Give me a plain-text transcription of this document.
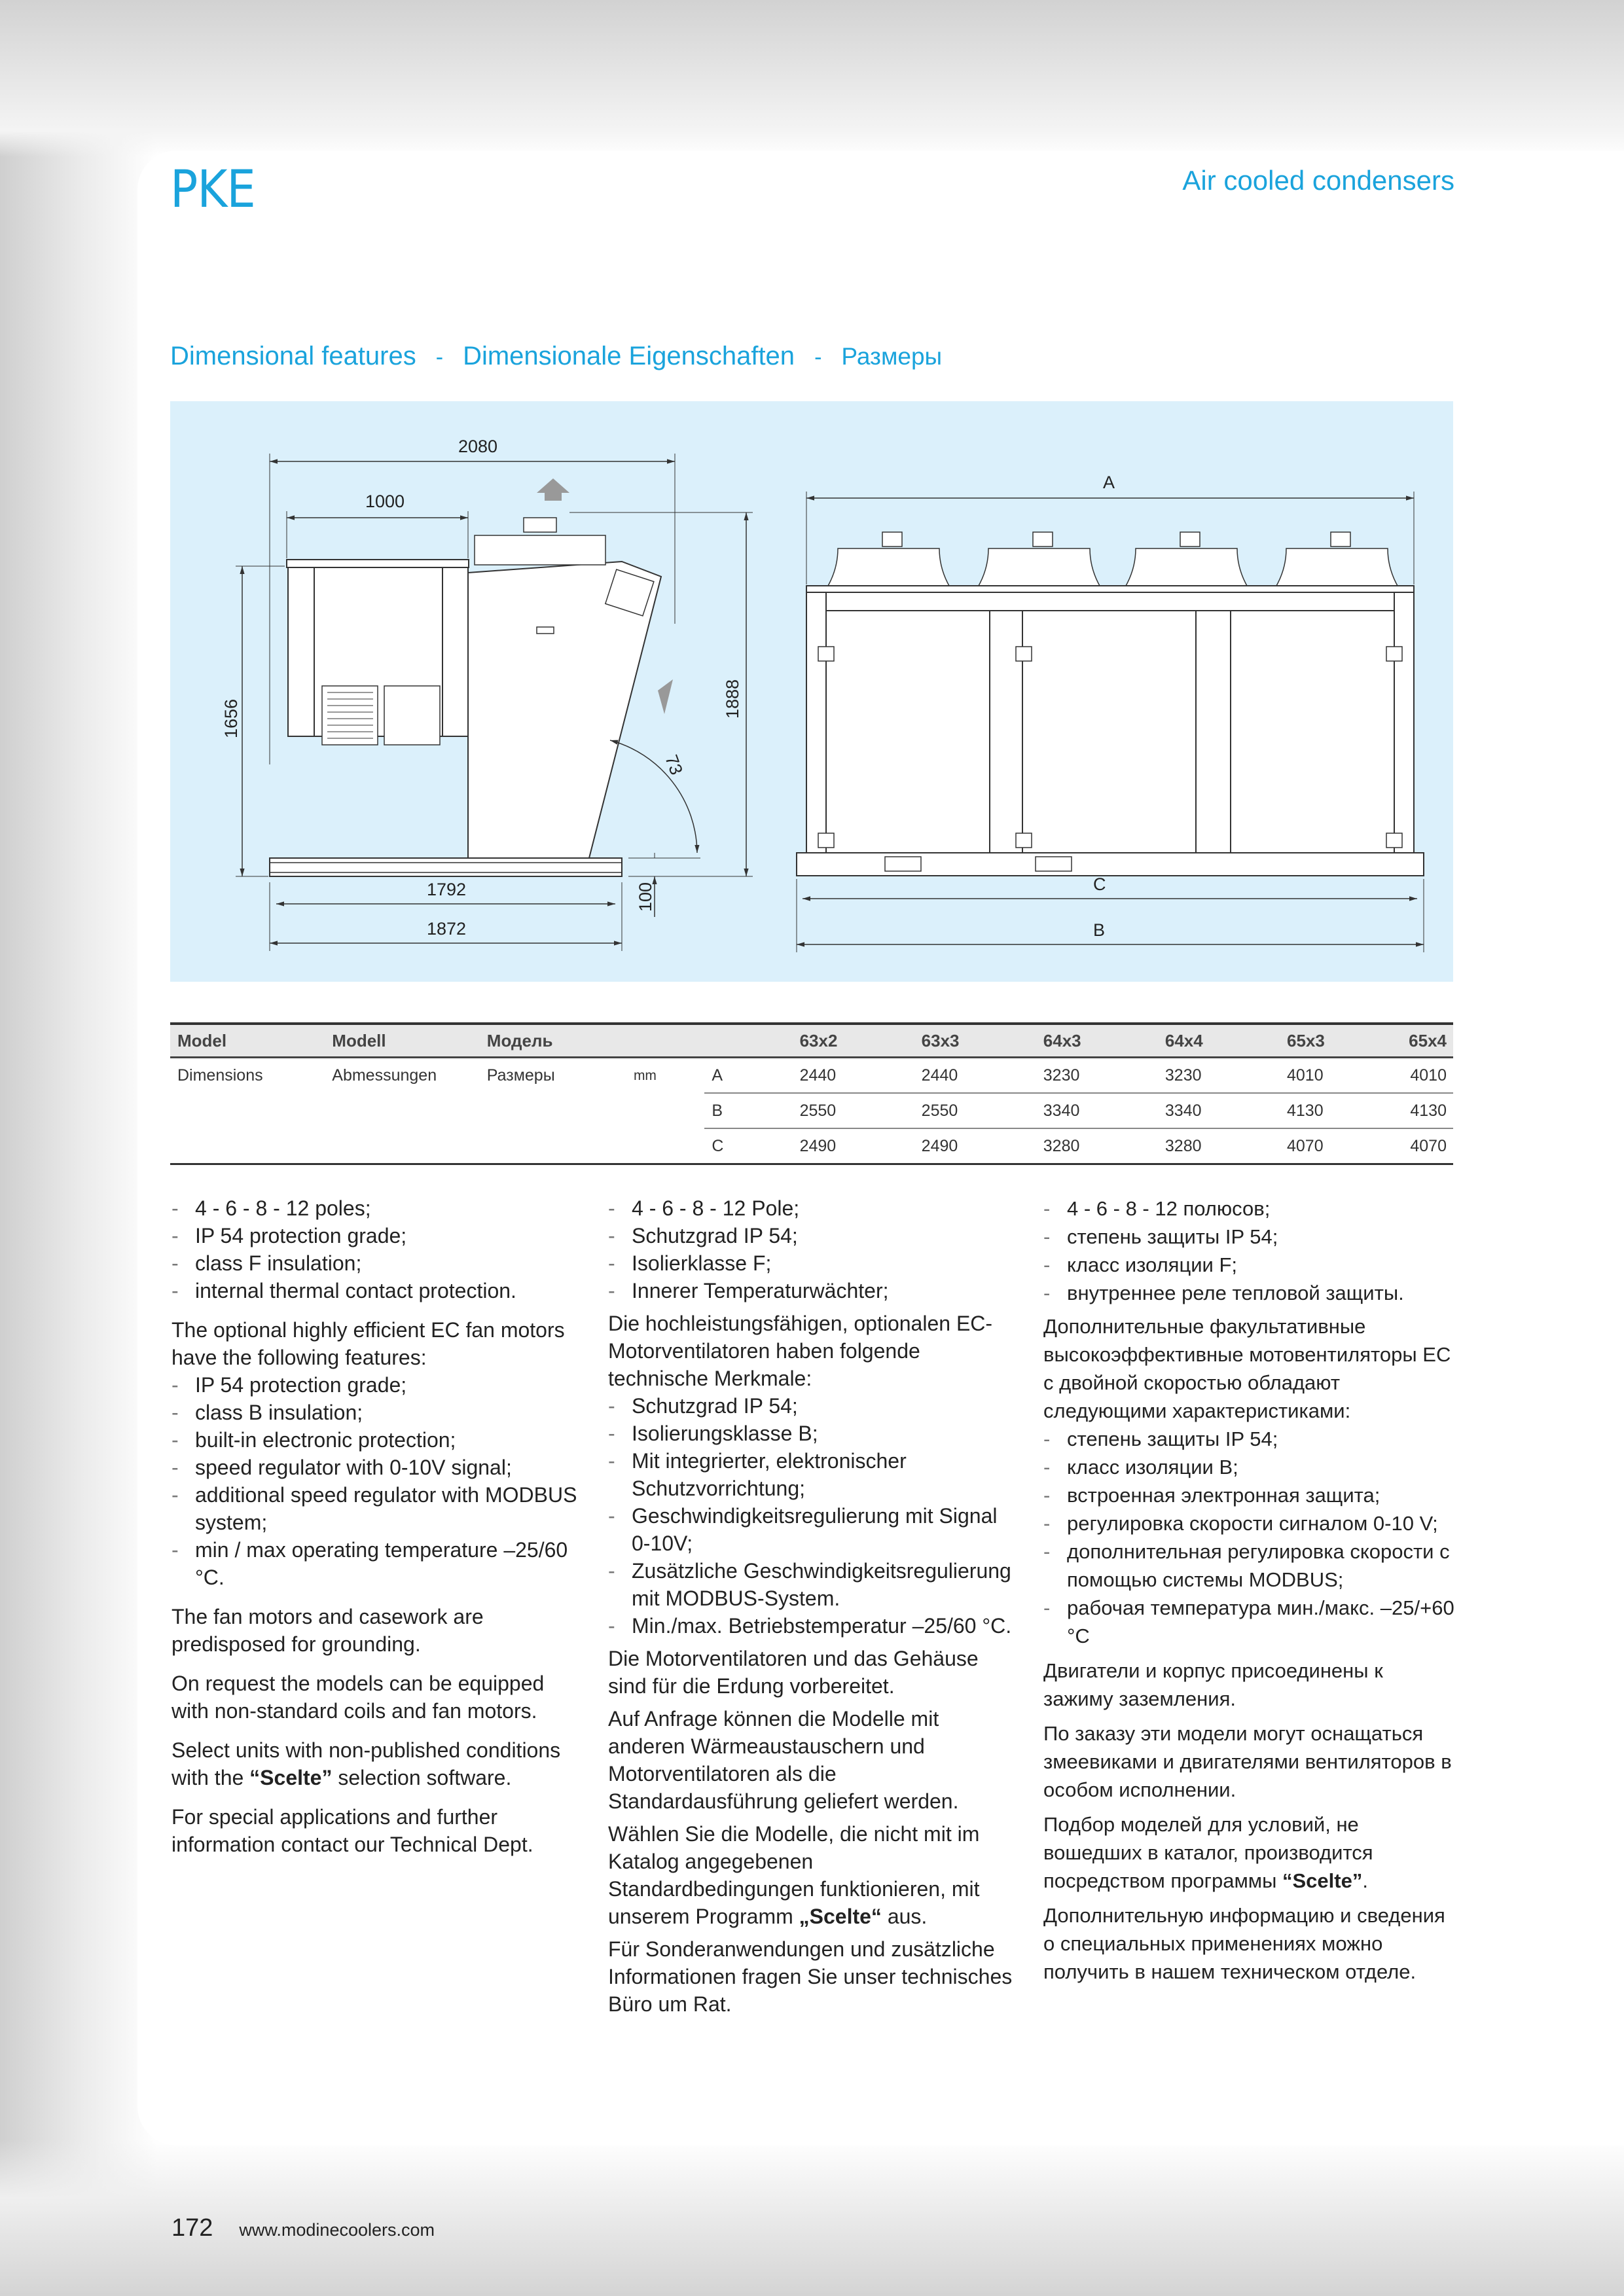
PKE	Air cooled condensers
Dimensional features - Dimensionale Eigenschaften - Размеры
2080
1000
73
1656	1888
100
1792
1872
A
C
B
Model	Modell	Модель			63x2	63x3	64x3	64x4	65x3	65x4
Dimensions	Abmessungen	Размеры	mm	A	2440	2440	3230	3230	4010	4010
				B	2550	2550	3340	3340	4130	4130
				C	2490	2490	3280	3280	4070	4070
- 4 - 6 - 8 - 12 poles;
- IP 54 protection grade;
- class F insulation;
- internal thermal contact protection.

The optional highly efficient EC fan motors have the following features:

- IP 54 protection grade;
- class B insulation;
- built-in electronic protection;
- speed regulator with 0-10V signal;
- additional speed regulator with MODBUS system;
- min / max operating temperature –25/60 °C.

The fan motors and casework are predisposed for grounding.

On request the models can be equipped with non-standard coils and fan motors.

Select units with non-published conditions with the “Scelte” selection software.

For special applications and further information contact our Technical Dept.

- 4 - 6 - 8 - 12 Pole;
- Schutzgrad IP 54;
- Isolierklasse F;
- Innerer Temperaturwächter;

Die hochleistungsfähigen, optionalen EC-Motorventilatoren haben folgende technische Merkmale:

- Schutzgrad IP 54;
- Isolierungsklasse B;
- Mit integrierter, elektronischer Schutzvorrichtung;
- Geschwindigkeitsregulierung mit Signal 0-10V;
- Zusätzliche Geschwindigkeitsregulierung mit MODBUS-System.
- Min./max. Betriebstemperatur –25/60 °C.

Die Motorventilatoren und das Gehäuse sind für die Erdung vorbereitet.

Auf Anfrage können die Modelle mit anderen Wärmeaustauschern und Motorventilatoren als die Standardausführung geliefert werden.

Wählen Sie die Modelle, die nicht mit im Katalog angegebenen Standardbedingungen funktionieren, mit unserem Programm „Scelte“ aus.

Für Sonderanwendungen und zusätzliche Informationen fragen Sie unser technisches Büro um Rat.

- 4 - 6 - 8 - 12 полюсов;
- степень защиты IP 54;
- класс изоляции F;
- внутреннее реле тепловой защиты.

Дополнительные факультативные высокоэффективные мотовентиляторы ЕС с двойной скоростью обладают следующими характеристиками:

- степень защиты IP 54;
- класс изоляции B;
- встроенная электронная защита;
- регулировка скорости сигналом 0-10 V;
- дополнительная регулировка скорости с помощью системы MODBUS;
- рабочая температура мин./макс. –25/+60 °C

Двигатели и корпус присоединены к зажиму заземления.

По заказу эти модели могут оснащаться змеевиками и двигателями вентиляторов в особом исполнении.

Подбор моделей для условий, не вошедших в каталог, производится посредством программы “Scelte”.

Дополнительную информацию и сведения о специальных применениях можно получить в нашем техническом отделе.

172 www.modinecoolers.com
